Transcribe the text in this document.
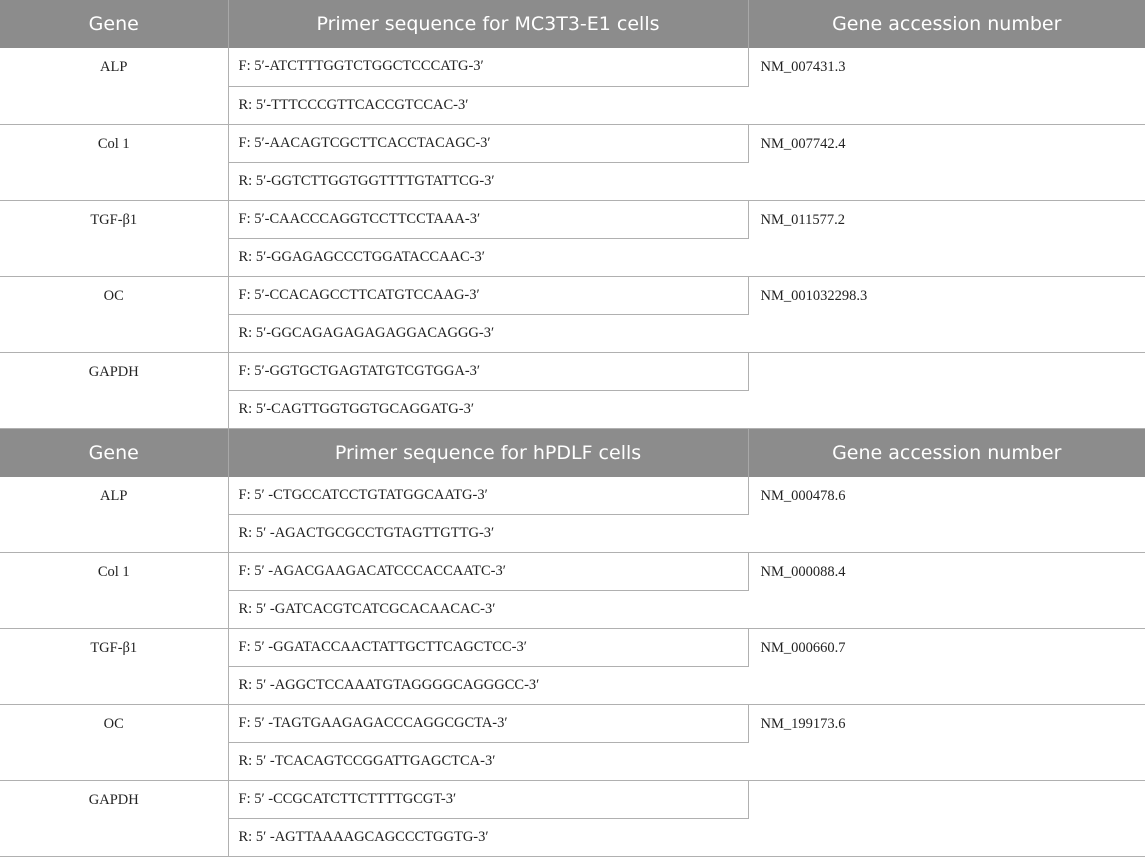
Gene	Primer sequence for MC3T3-E1 cells	Gene accession number
ALP	F: 5′-ATCTTTGGTCTGGCTCCCATG-3′	NM_007431.3
	R: 5′-TTTCCCGTTCACCGTCCAC-3′	
Col 1	F: 5′-AACAGTCGCTTCACCTACAGC-3′	NM_007742.4
	R: 5′-GGTCTTGGTGGTTTTGTATTCG-3′	
TGF-β1	F: 5′-CAACCCAGGTCCTTCCTAAA-3′	NM_011577.2
	R: 5′-GGAGAGCCCTGGATACCAAC-3′	
OC	F: 5′-CCACAGCCTTCATGTCCAAG-3′	NM_001032298.3
	R: 5′-GGCAGAGAGAGAGGACAGGG-3′	
GAPDH	F: 5′-GGTGCTGAGTATGTCGTGGA-3′	
	R: 5′-CAGTTGGTGGTGCAGGATG-3′	
Gene	Primer sequence for hPDLF cells	Gene accession number
ALP	F: 5′ -CTGCCATCCTGTATGGCAATG-3′	NM_000478.6
	R: 5′ -AGACTGCGCCTGTAGTTGTTG-3′	
Col 1	F: 5′ -AGACGAAGACATCCCACCAATC-3′	NM_000088.4
	R: 5′ -GATCACGTCATCGCACAACAC-3′	
TGF-β1	F: 5′ -GGATACCAACTATTGCTTCAGCTCC-3′	NM_000660.7
	R: 5′ -AGGCTCCAAATGTAGGGGCAGGGCC-3′	
OC	F: 5′ -TAGTGAAGAGACCCAGGCGCTA-3′	NM_199173.6
	R: 5′ -TCACAGTCCGGATTGAGCTCA-3′	
GAPDH	F: 5′ -CCGCATCTTCTTTTGCGT-3′	
	R: 5′ -AGTTAAAAGCAGCCCTGGTG-3′	
